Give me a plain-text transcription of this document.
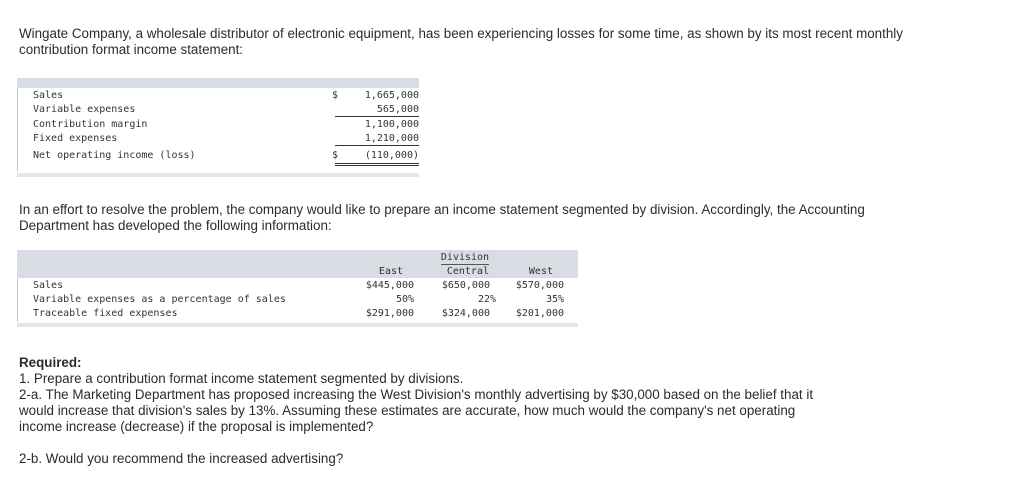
Wingate Company, a wholesale distributor of electronic equipment, has been experiencing losses for some time, as shown by its most recent monthly contribution format income statement:
Sales	$	1,665,000
Variable expenses	565,000
Contribution margin	1,100,000
Fixed expenses	1,210,000
Net operating income (loss)	$	(110,000)
In an effort to resolve the problem, the company would like to prepare an income statement segmented by division. Accordingly, the Accounting Department has developed the following information:
Division
East	Central	West
Sales	$445,000	$650,000	$570,000
Variable expenses as a percentage of sales	50%	22%	35%
Traceable fixed expenses	$291,000	$324,000	$201,000
Required:
1. Prepare a contribution format income statement segmented by divisions.
2-a. The Marketing Department has proposed increasing the West Division's monthly advertising by $30,000 based on the belief that it
would increase that division's sales by 13%. Assuming these estimates are accurate, how much would the company's net operating
income increase (decrease) if the proposal is implemented?
2-b. Would you recommend the increased advertising?
